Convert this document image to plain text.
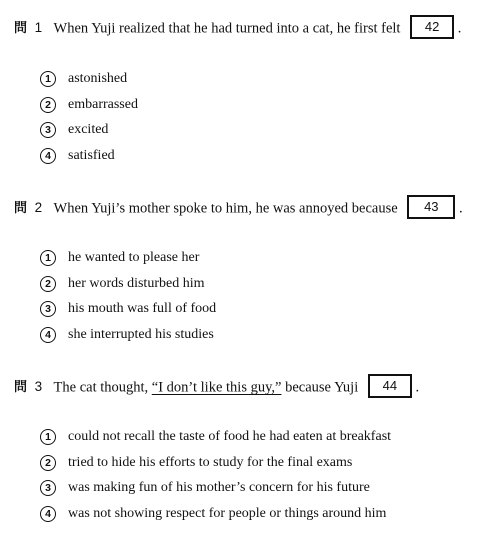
問 1 When Yuji realized that he had turned into a cat, he first felt 42 .
1	astonished
2	embarrassed
3	excited
4	satisfied
問 2 When Yuji’s mother spoke to him, he was annoyed because 43 .
1	he wanted to please her
2	her words disturbed him
3	his mouth was full of food
4	she interrupted his studies
問 3 The cat thought, “I don’t like this guy,” because Yuji 44 .
1	could not recall the taste of food he had eaten at breakfast
2	tried to hide his efforts to study for the final exams
3	was making fun of his mother’s concern for his future
4	was not showing respect for people or things around him
